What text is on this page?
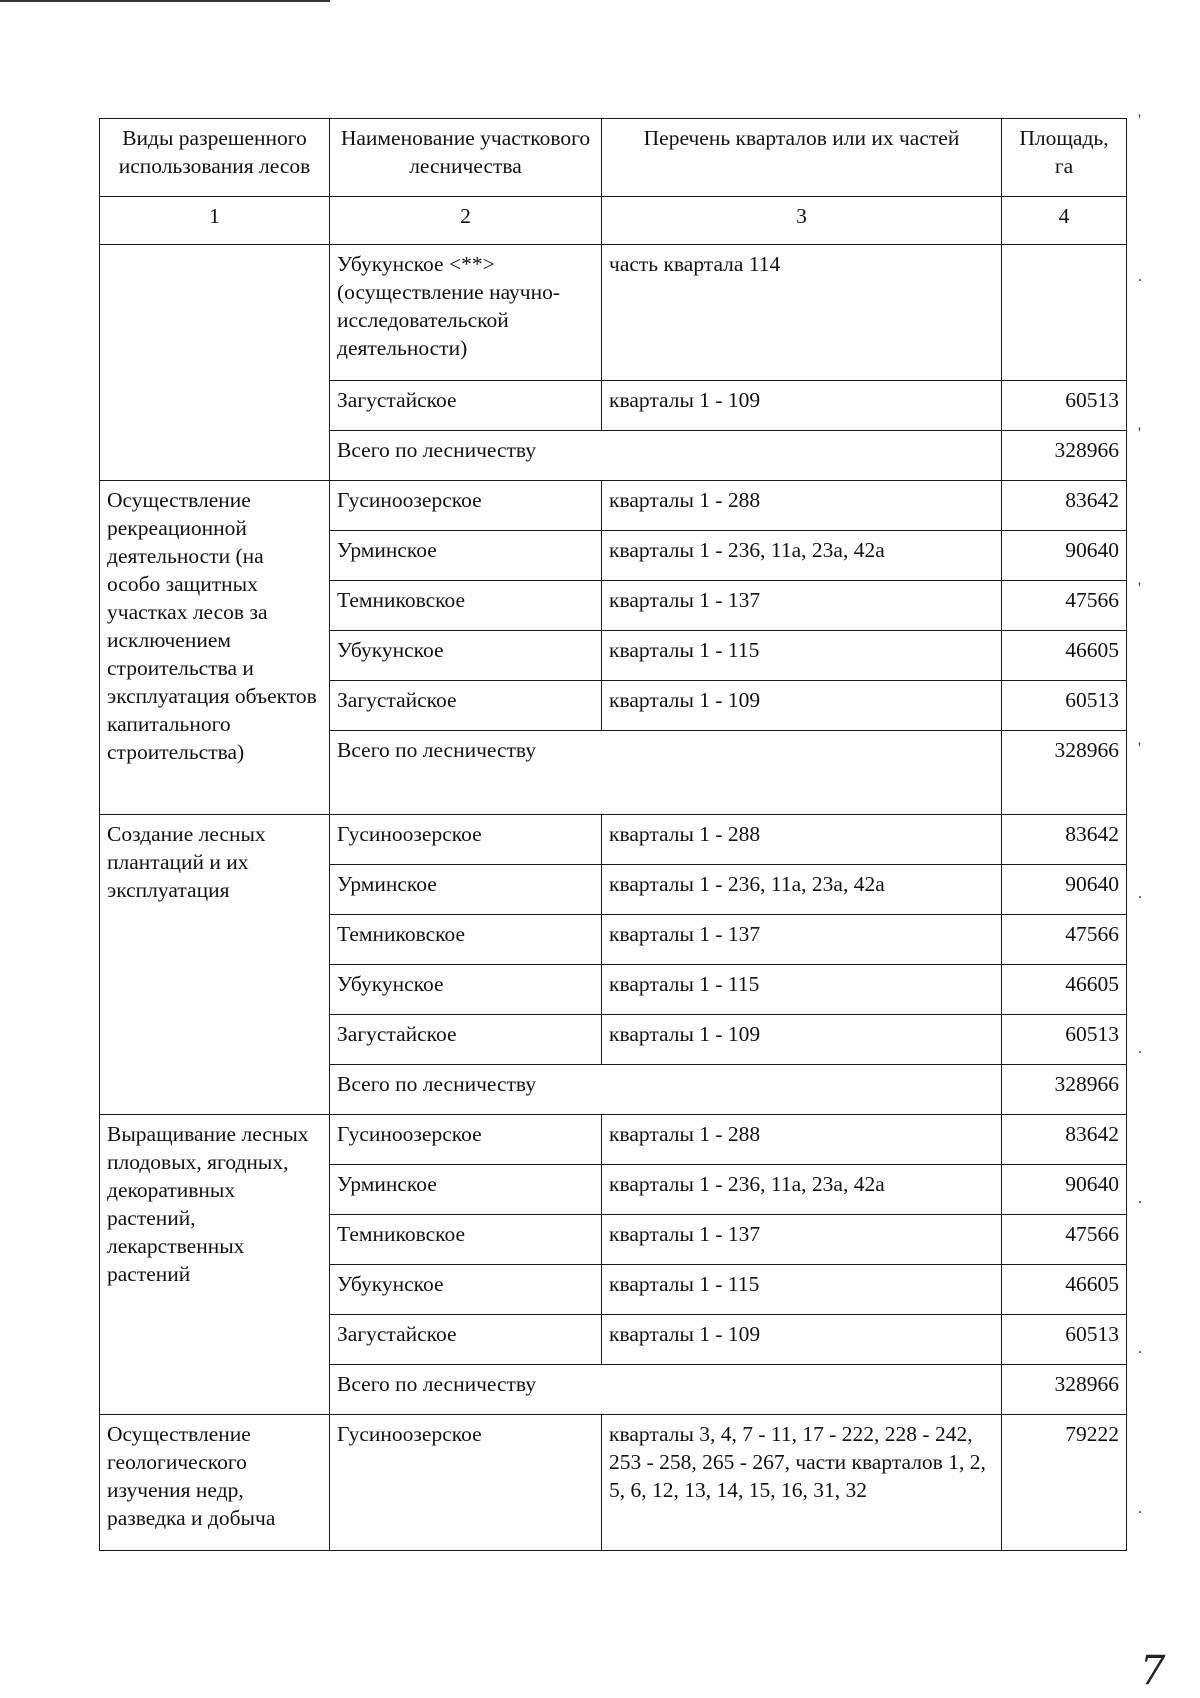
Виды разрешенного использования лесов	Наименование участкового лесничества	Перечень кварталов или их частей	Площадь, га
1	2	3	4
	Убукунское <**> (осуществление научно-исследовательской деятельности)	часть квартала 114	
	Загустайское	кварталы 1 - 109	60513
	Всего по лесничеству		328966
Осуществление рекреационной деятельности (на особо защитных участках лесов за исключением строительства и эксплуатация объектов капитального строительства)	Гусиноозерское	кварталы 1 - 288	83642
	Урминское	кварталы 1 - 236, 11а, 23а, 42а	90640
	Темниковское	кварталы 1 - 137	47566
	Убукунское	кварталы 1 - 115	46605
	Загустайское	кварталы 1 - 109	60513
	Всего по лесничеству		328966
Создание лесных плантаций и их эксплуатация	Гусиноозерское	кварталы 1 - 288	83642
	Урминское	кварталы 1 - 236, 11а, 23а, 42а	90640
	Темниковское	кварталы 1 - 137	47566
	Убукунское	кварталы 1 - 115	46605
	Загустайское	кварталы 1 - 109	60513
	Всего по лесничеству		328966
Выращивание лесных плодовых, ягодных, декоративных растений, лекарственных растений	Гусиноозерское	кварталы 1 - 288	83642
	Урминское	кварталы 1 - 236, 11а, 23а, 42а	90640
	Темниковское	кварталы 1 - 137	47566
	Убукунское	кварталы 1 - 115	46605
	Загустайское	кварталы 1 - 109	60513
	Всего по лесничеству		328966
Осуществление геологического изучения недр, разведка и добыча	Гусиноозерское	кварталы 3, 4, 7 - 11, 17 - 222, 228 - 242, 253 - 258, 265 - 267, части кварталов 1, 2, 5, 6, 12, 13, 14, 15, 16, 31, 32	79222
'
.
'
'
'
.
.
.
.
.
7
